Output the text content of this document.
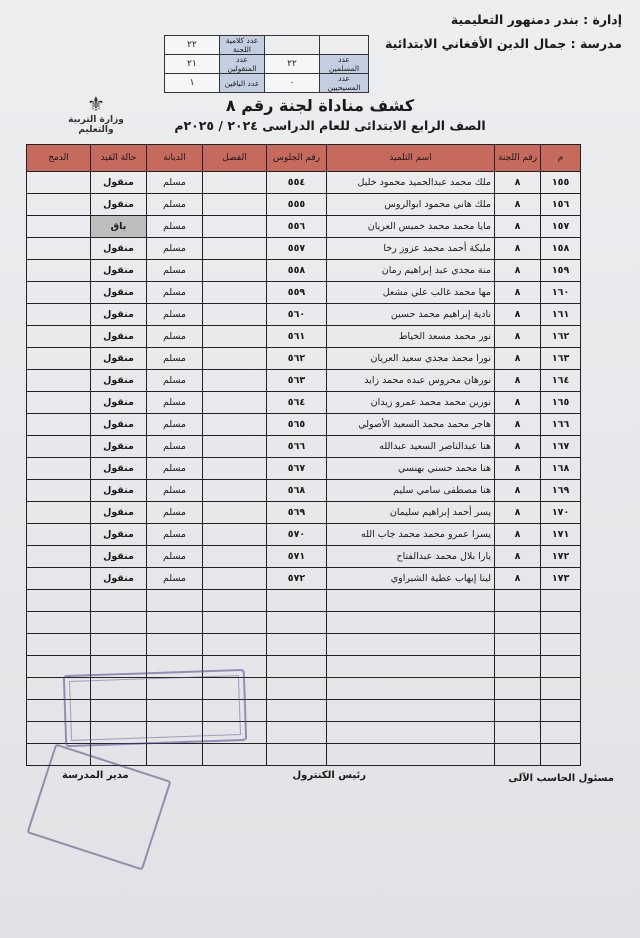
إدارة : بندر دمنهور التعليمية
مدرسة : جمال الدين الأفغاني الابتدائية
		عدد كلامية اللجنة	٢٢
عدد المسلمين	٢٢	عدد المنقولين	٢١
عدد المسيحيين	٠	عدد الباقين	١
⚜
وزارة التربية والتعليم
كشف مناداة لجنة رقم ٨
الصف الرابع الابتدائى للعام الدراسى ٢٠٢٤ / ٢٠٢٥م
م	رقم اللجنة	اسم التلميذ	رقم الجلوس	الفصل	الديانة	حالة القيد	الدمج
١٥٥	٨	ملك محمد عبدالحميد محمود خليل	٥٥٤		مسلم	منقول	
١٥٦	٨	ملك هاني محمود ابوالروس	٥٥٥		مسلم	منقول	
١٥٧	٨	مايا محمد محمد خميس العريان	٥٥٦		مسلم	باق	
١٥٨	٨	مليكة أحمد محمد عزوز رخا	٥٥٧		مسلم	منقول	
١٥٩	٨	منة مجدي عبد إبراهيم رمان	٥٥٨		مسلم	منقول	
١٦٠	٨	مها محمد غالب علي مشعل	٥٥٩		مسلم	منقول	
١٦١	٨	نادية إبراهيم محمد حسين	٥٦٠		مسلم	منقول	
١٦٢	٨	نور محمد مسعد الخياط	٥٦١		مسلم	منقول	
١٦٣	٨	نورا محمد مجدي سعيد العريان	٥٦٢		مسلم	منقول	
١٦٤	٨	نورهان محروس عبده محمد زايد	٥٦٣		مسلم	منقول	
١٦٥	٨	نورين محمد محمد عمرو زيدان	٥٦٤		مسلم	منقول	
١٦٦	٨	هاجر محمد محمد السعيد الأصولي	٥٦٥		مسلم	منقول	
١٦٧	٨	هنا عبدالناصر السعيد عبدالله	٥٦٦		مسلم	منقول	
١٦٨	٨	هنا محمد حسني بهنسي	٥٦٧		مسلم	منقول	
١٦٩	٨	هنا مصطفى سامي سليم	٥٦٨		مسلم	منقول	
١٧٠	٨	يسر أحمد إبراهيم سليمان	٥٦٩		مسلم	منقول	
١٧١	٨	يسرا عمرو محمد محمد جاب الله	٥٧٠		مسلم	منقول	
١٧٢	٨	يارا بلال محمد عبدالفتاح	٥٧١		مسلم	منقول	
١٧٣	٨	لينا إيهاب عطية الشبراوي	٥٧٢		مسلم	منقول	

مسئول الحاسب الآلى
رئيس الكنترول
مدير المدرسة
